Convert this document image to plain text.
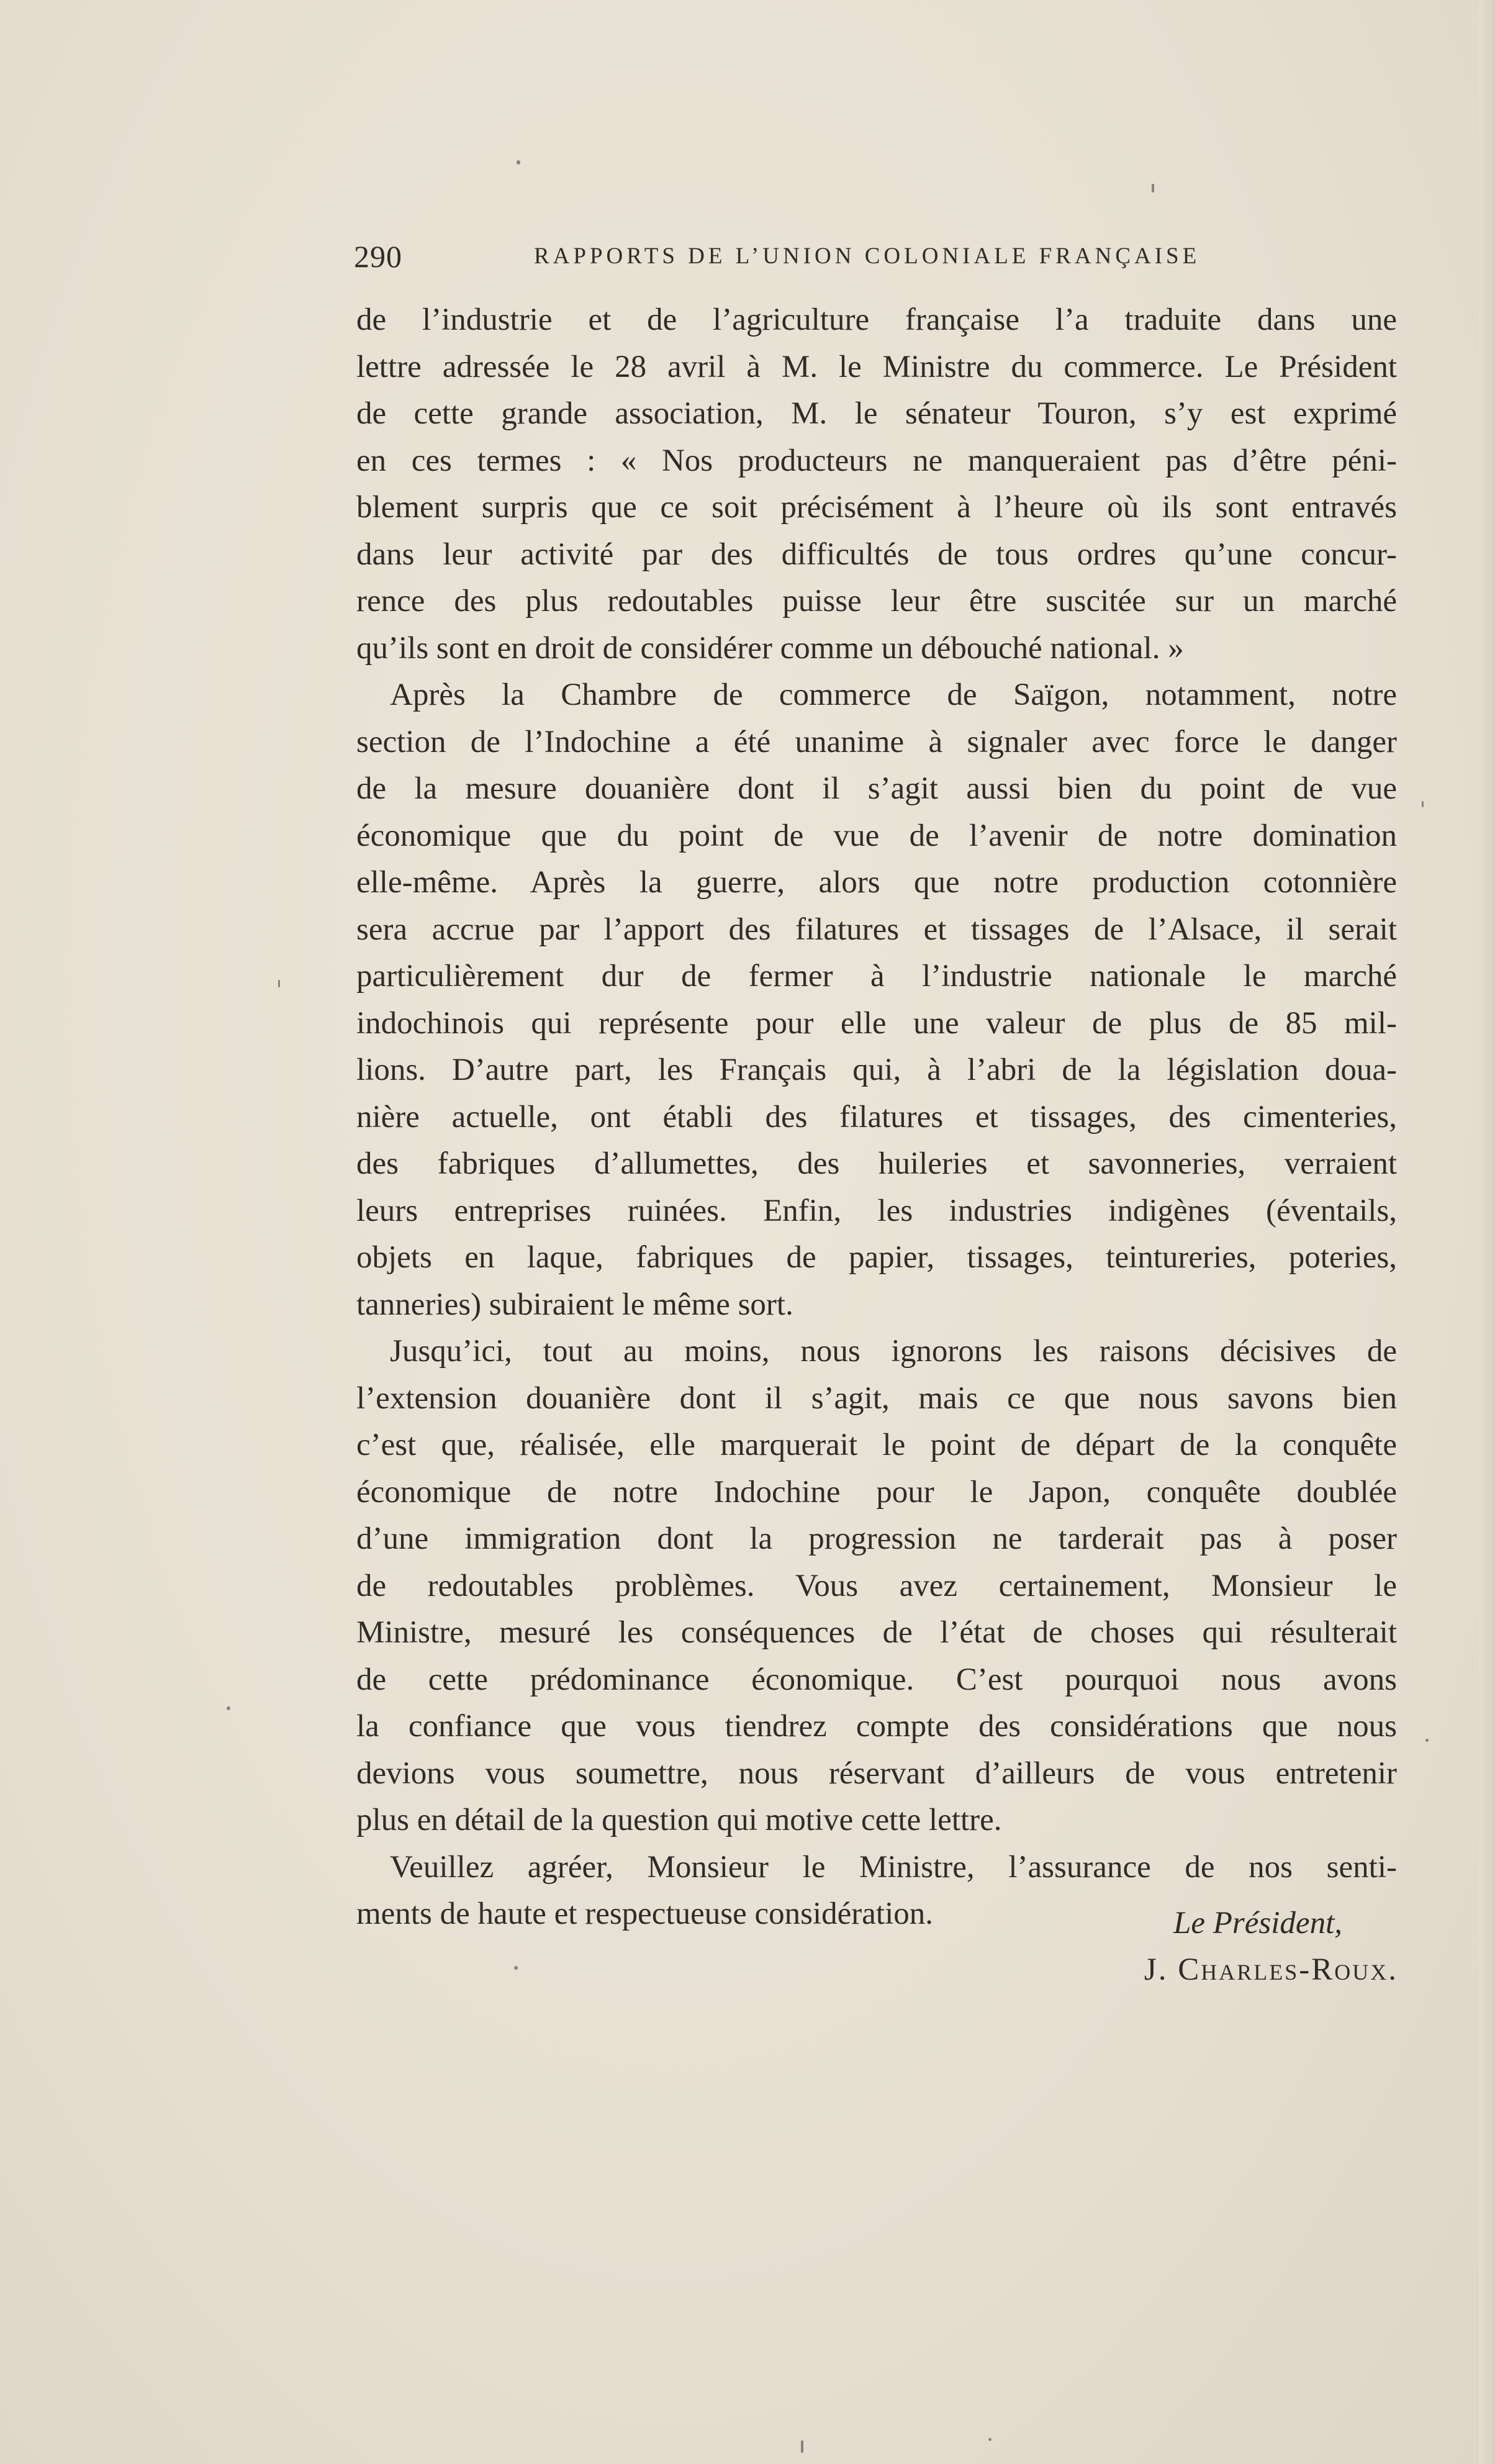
290	RAPPORTS DE L’UNION COLONIALE FRANÇAISE
de l’industrie et de l’agriculture française l’a traduite dans une
lettre adressée le 28 avril à M. le Ministre du commerce. Le Président
de cette grande association, M. le sénateur Touron, s’y est exprimé
en ces termes : « Nos producteurs ne manqueraient pas d’être péni-
blement surpris que ce soit précisément à l’heure où ils sont entravés
dans leur activité par des difficultés de tous ordres qu’une concur-
rence des plus redoutables puisse leur être suscitée sur un marché
qu’ils sont en droit de considérer comme un débouché national. »
Après la Chambre de commerce de Saïgon, notamment, notre
section de l’Indochine a été unanime à signaler avec force le danger
de la mesure douanière dont il s’agit aussi bien du point de vue
économique que du point de vue de l’avenir de notre domination
elle-même. Après la guerre, alors que notre production cotonnière
sera accrue par l’apport des filatures et tissages de l’Alsace, il serait
particulièrement dur de fermer à l’industrie nationale le marché
indochinois qui représente pour elle une valeur de plus de 85 mil-
lions. D’autre part, les Français qui, à l’abri de la législation doua-
nière actuelle, ont établi des filatures et tissages, des cimenteries,
des fabriques d’allumettes, des huileries et savonneries, verraient
leurs entreprises ruinées. Enfin, les industries indigènes (éventails,
objets en laque, fabriques de papier, tissages, teintureries, poteries,
tanneries) subiraient le même sort.
Jusqu’ici, tout au moins, nous ignorons les raisons décisives de
l’extension douanière dont il s’agit, mais ce que nous savons bien
c’est que, réalisée, elle marquerait le point de départ de la conquête
économique de notre Indochine pour le Japon, conquête doublée
d’une immigration dont la progression ne tarderait pas à poser
de redoutables problèmes. Vous avez certainement, Monsieur le
Ministre, mesuré les conséquences de l’état de choses qui résulterait
de cette prédominance économique. C’est pourquoi nous avons
la confiance que vous tiendrez compte des considérations que nous
devions vous soumettre, nous réservant d’ailleurs de vous entretenir
plus en détail de la question qui motive cette lettre.
Veuillez agréer, Monsieur le Ministre, l’assurance de nos senti-
ments de haute et respectueuse considération.	Le Président,
J. Charles-Roux.
